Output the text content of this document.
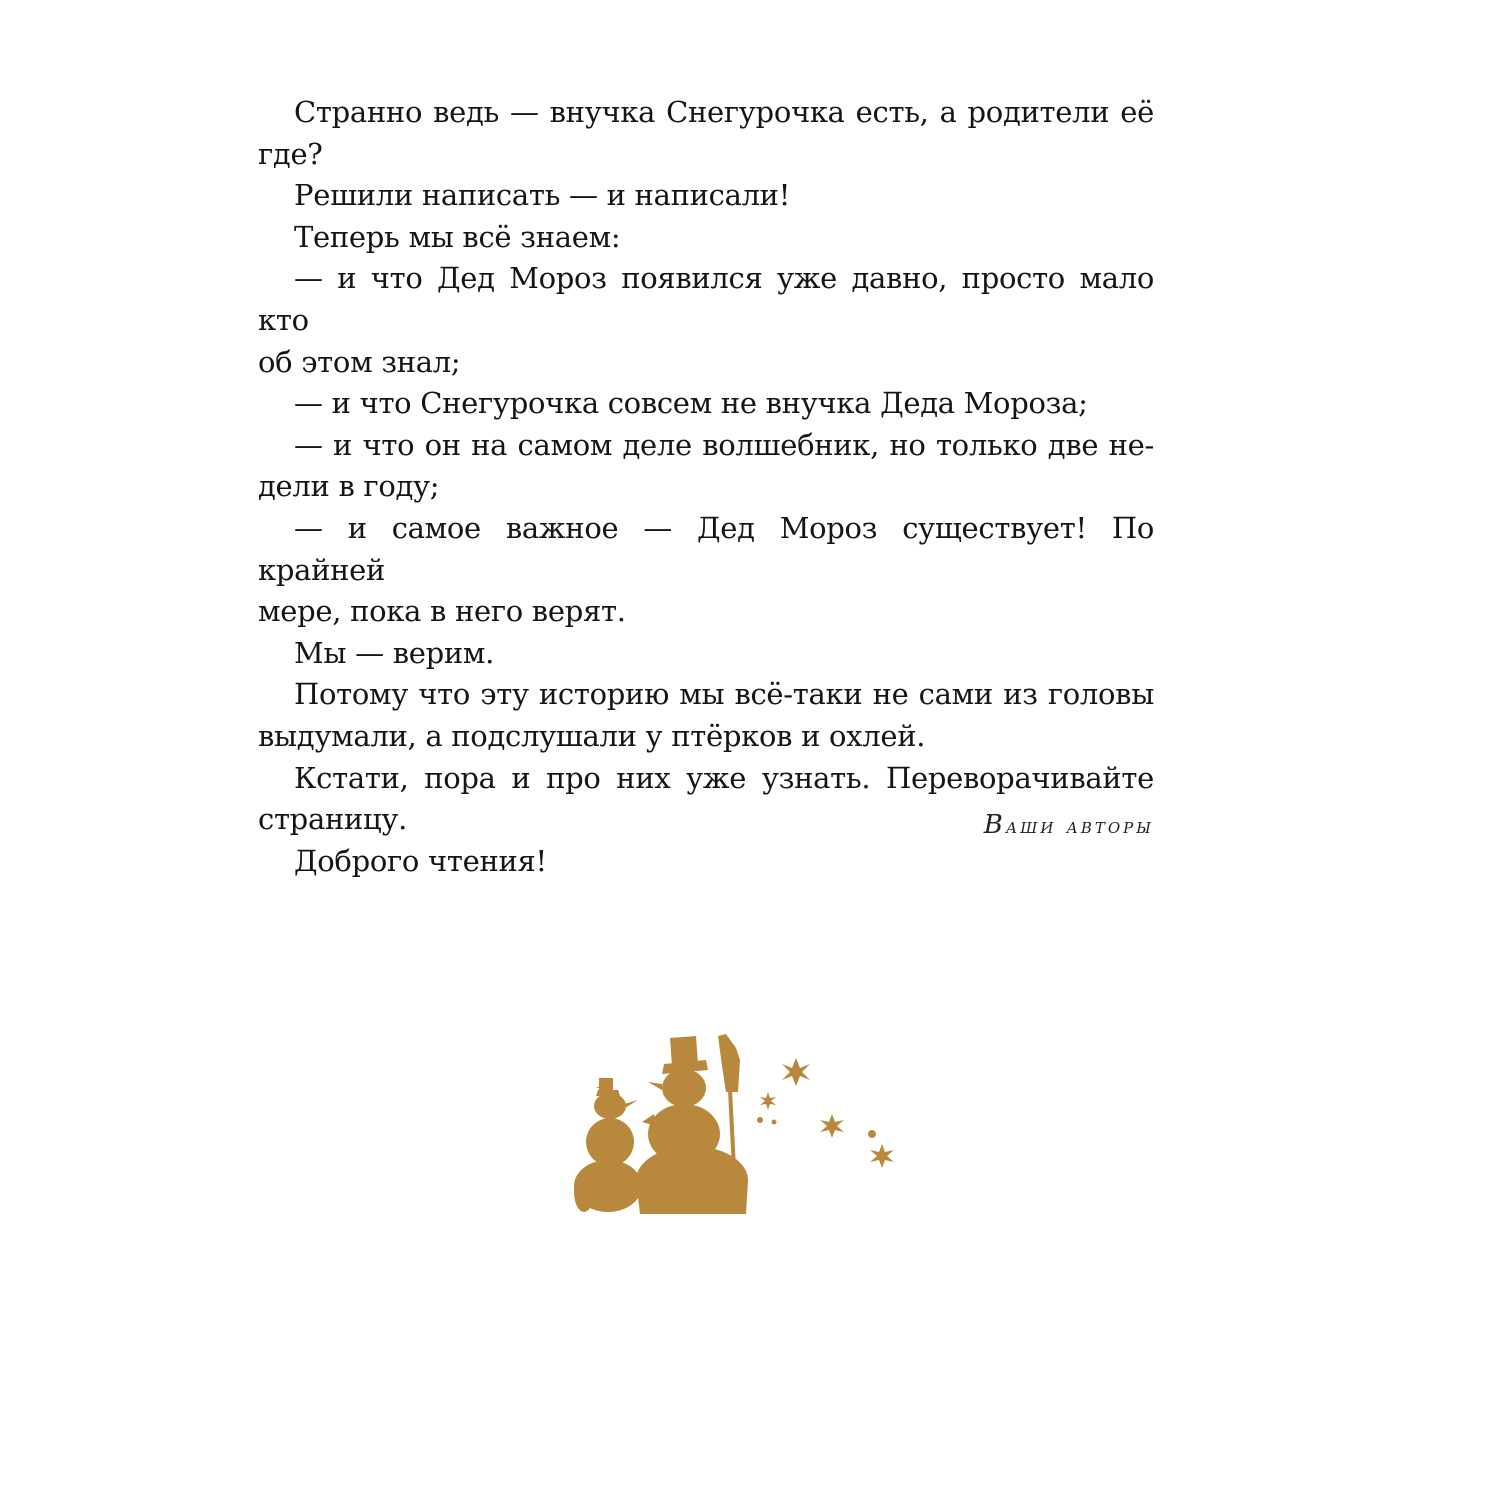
Странно ведь — внучка Снегурочка есть, а родители её где?

Решили написать — и написали!

Теперь мы всё знаем:

— и что Дед Мороз появился уже давно, просто мало кто
об этом знал;

— и что Снегурочка совсем не внучка Деда Мороза;

— и что он на самом деле волшебник, но только две не-
дели в году;

— и самое важное — Дед Мороз существует! По крайней
мере, пока в него верят.

Мы — верим.

Потому что эту историю мы всё-таки не сами из головы
выдумали, а подслушали у птёрков и охлей.

Кстати, пора и про них уже узнать. Переворачивайте
страницу.

Доброго чтения!

Ваши авторы
